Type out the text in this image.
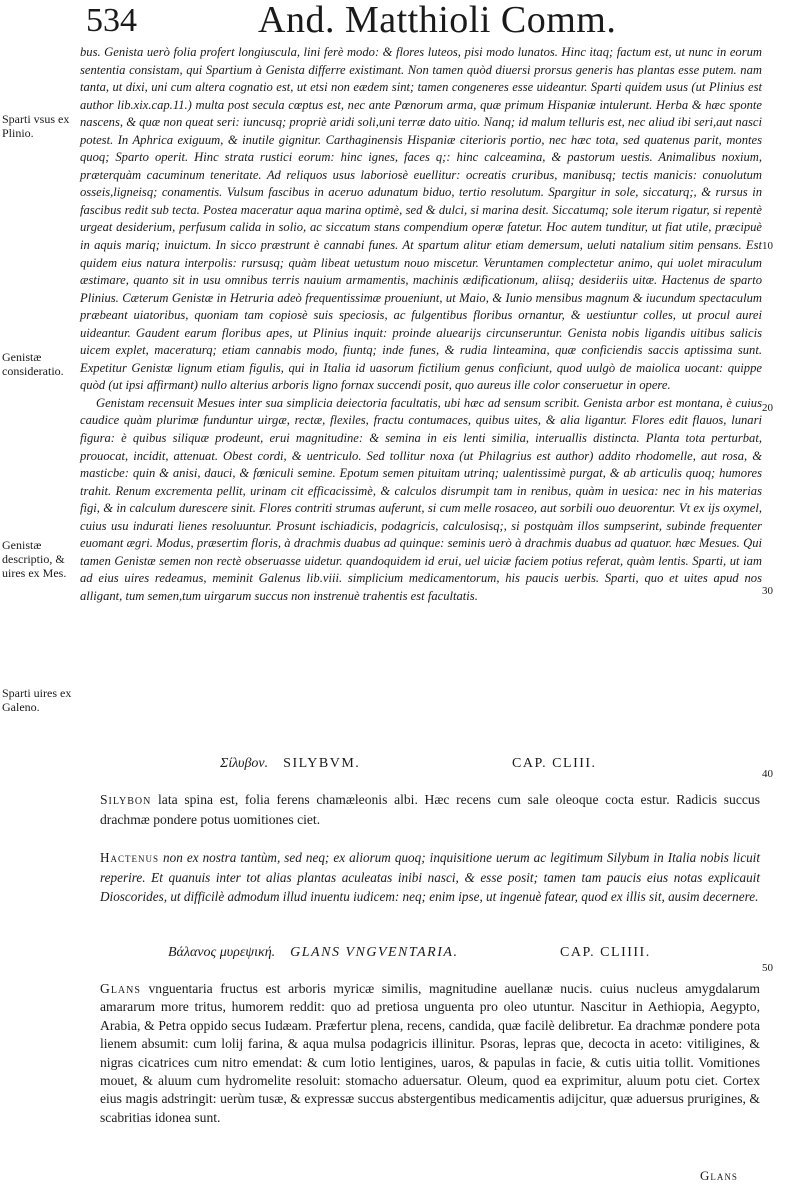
534	And. Matthioli Comm.
Sparti vsus ex Plinio.
Genistæ consideratio.
Genistæ descriptio, & uires ex Mes.
Sparti uires ex Galeno.
10
20
30
40
50

bus. Genista uerò folia profert longiuscula, lini ferè modo: & flores luteos, pisi modo lunatos. Hinc itaq; factum est, ut nunc in eorum sententia consistam, qui Spartium à Genista differre existimant. Non tamen quòd diuersi prorsus generis has plantas esse putem. nam tanta, ut dixi, uni cum altera cognatio est, ut etsi non eædem sint; tamen congeneres esse uideantur. Sparti quidem usus (ut Plinius est author lib.xix.cap.11.) multa post secula cœptus est, nec ante Pœnorum arma, quæ primum Hispaniæ intulerunt. Herba & hæc sponte nascens, & quæ non queat seri: iuncusq; propriè aridi soli,uni terræ dato uitio. Nanq; id malum telluris est, nec aliud ibi seri,aut nasci potest. In Aphrica exiguum, & inutile gignitur. Carthaginensis Hispaniæ citerioris portio, nec hæc tota, sed quatenus parit, montes quoq; Sparto operit. Hinc strata rustici eorum: hinc ignes, faces q;: hinc calceamina, & pastorum uestis. Animalibus noxium, præterquàm cacuminum teneritate. Ad reliquos usus laboriosè euellitur: ocreatis cruribus, manibusq; tectis manicis: conuolutum osseis,ligneisq; conamentis. Vulsum fascibus in aceruo adunatum biduo, tertio resolutum. Spargitur in sole, siccaturq;, & rursus in fascibus redit sub tecta. Postea maceratur aqua marina optimè, sed & dulci, si marina desit. Siccatumq; sole iterum rigatur, si repentè urgeat desiderium, perfusum calida in solio, ac siccatum stans compendium operæ fatetur. Hoc autem tunditur, ut fiat utile, præcipuè in aquis mariq; inuictum. In sicco præstrunt è cannabi funes. At spartum alitur etiam demersum, ueluti natalium sitim pensans. Est quidem eius natura interpolis: rursusq; quàm libeat uetustum nouo miscetur. Veruntamen complectetur animo, qui uolet miraculum æstimare, quanto sit in usu omnibus terris nauium armamentis, machinis ædificationum, aliisq; desideriis uitæ. Hactenus de sparto Plinius. Cæterum Genistæ in Hetruria adeò frequentissimæ proueniunt, ut Maio, & Iunio mensibus magnum & iucundum spectaculum præbeant uiatoribus, quoniam tam copiosè suis speciosis, ac fulgentibus floribus ornantur, & uestiuntur colles, ut procul aurei uideantur. Gaudent earum floribus apes, ut Plinius inquit: proinde aluearijs circunseruntur. Genista nobis ligandis uitibus salicis uicem explet, maceraturq; etiam cannabis modo, fiuntq; inde funes, & rudia linteamina, quæ conficiendis saccis aptissima sunt. Expetitur Genistæ lignum etiam figulis, qui in Italia id uasorum fictilium genus conficiunt, quod uulgò de maiolica uocant: quippe quòd (ut ipsi affirmant) nullo alterius arboris ligno fornax succendi posit, quo aureus ille color conseruetur in opere.

Genistam recensuit Mesues inter sua simplicia deiectoria facultatis, ubi hæc ad sensum scribit. Genista arbor est montana, è cuius caudice quàm plurimæ funduntur uirgæ, rectæ, flexiles, fractu contumaces, quibus uites, & alia ligantur. Flores edit flauos, lunari figura: è quibus siliquæ prodeunt, erui magnitudine: & semina in eis lenti similia, interuallis distincta. Planta tota perturbat, prouocat, incidit, attenuat. Obest cordi, & uentriculo. Sed tollitur noxa (ut Philagrius est author) addito rhodomelle, aut rosa, & masticbe: quin & anisi, dauci, & fœniculi semine. Epotum semen pituitam utrinq; ualentissimè purgat, & ab articulis quoq; humores trahit. Renum excrementa pellit, urinam cit efficacissimè, & calculos disrumpit tam in renibus, quàm in uesica: nec in his materias figi, & in calculum durescere sinit. Flores contriti strumas auferunt, si cum melle rosaceo, aut sorbili ouo deuorentur. Vt ex ijs oxymel, cuius usu indurati lienes resoluuntur. Prosunt ischiadicis, podagricis, calculosisq;, si postquàm illos sumpserint, subinde frequenter euomant ægri. Modus, præsertim floris, à drachmis duabus ad quinque: seminis uerò à drachmis duabus ad quatuor. hæc Mesues. Qui tamen Genistæ semen non rectè obseruasse uidetur. quandoquidem id erui, uel uiciæ faciem potius referat, quàm lentis. Sparti, ut iam ad eius uires redeamus, meminit Galenus lib.viii. simplicium medicamentorum, his paucis uerbis. Sparti, quo et uites apud nos alligant, tum semen,tum uirgarum succus non instrenuè trahentis est facultatis.

Σίλυβον. SILYBVM.	CAP. CLIII.
Silybon lata spina est, folia ferens chamæleonis albi. Hæc recens cum sale oleoque cocta estur. Radicis succus drachmæ pondere potus uomitiones ciet.
Hactenus non ex nostra tantùm, sed neq; ex aliorum quoq; inquisitione uerum ac legitimum Silybum in Italia nobis licuit reperire. Et quanuis inter tot alias plantas aculeatas inibi nasci, & esse posit; tamen tam paucis eius notas explicauit Dioscorides, ut difficilè admodum illud inuentu iudicem: neq; enim ipse, ut ingenuè fatear, quod ex illis sit, ausim decernere.
Βάλανος μυρεψική. GLANS VNGVENTARIA.	CAP. CLIIII.
Glans vnguentaria fructus est arboris myricæ similis, magnitudine auellanæ nucis. cuius nucleus amygdalarum amararum more tritus, humorem reddit: quo ad pretiosa unguenta pro oleo utuntur. Nascitur in Aethiopia, Aegypto, Arabia, & Petra oppido secus Iudæam. Præfertur plena, recens, candida, quæ facilè delibretur. Ea drachmæ pondere pota lienem absumit: cum lolij farina, & aqua mulsa podagricis illinitur. Psoras, lepras que, decocta in aceto: vitiligines, & nigras cicatrices cum nitro emendat: & cum lotio lentigines, uaros, & papulas in facie, & cutis uitia tollit. Vomitiones mouet, & aluum cum hydromelite resoluit: stomacho aduersatur. Oleum, quod ea exprimitur, aluum potu ciet. Cortex eius magis adstringit: uerùm tusæ, & expressæ succus abstergentibus medicamentis adijcitur, quæ aduersus prurigines, & scabritias idonea sunt.
Glans
